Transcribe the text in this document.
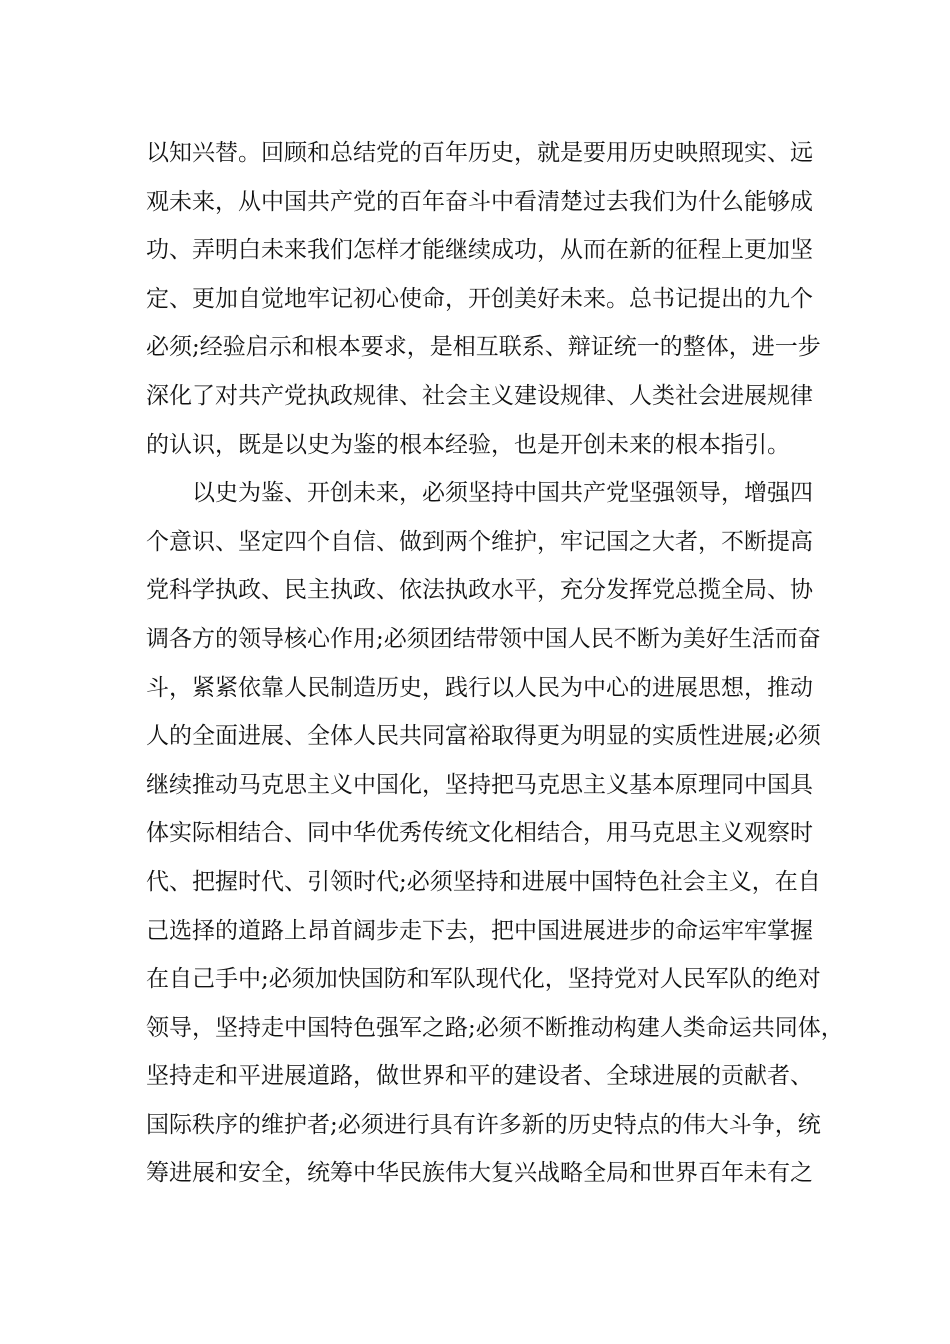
以知兴替。回顾和总结党的百年历史，就是要用历史映照现实、远
观未来，从中国共产党的百年奋斗中看清楚过去我们为什么能够成
功、弄明白未来我们怎样才能继续成功，从而在新的征程上更加坚
定、更加自觉地牢记初心使命，开创美好未来。总书记提出的九个
必须;经验启示和根本要求，是相互联系、辩证统一的整体，进一步
深化了对共产党执政规律、社会主义建设规律、人类社会进展规律
的认识，既是以史为鉴的根本经验，也是开创未来的根本指引。
　　以史为鉴、开创未来，必须坚持中国共产党坚强领导，增强四
个意识、坚定四个自信、做到两个维护，牢记国之大者，不断提高
党科学执政、民主执政、依法执政水平，充分发挥党总揽全局、协
调各方的领导核心作用;必须团结带领中国人民不断为美好生活而奋
斗，紧紧依靠人民制造历史，践行以人民为中心的进展思想，推动
人的全面进展、全体人民共同富裕取得更为明显的实质性进展;必须
继续推动马克思主义中国化，坚持把马克思主义基本原理同中国具
体实际相结合、同中华优秀传统文化相结合，用马克思主义观察时
代、把握时代、引领时代;必须坚持和进展中国特色社会主义，在自
己选择的道路上昂首阔步走下去，把中国进展进步的命运牢牢掌握
在自己手中;必须加快国防和军队现代化，坚持党对人民军队的绝对
领导，坚持走中国特色强军之路;必须不断推动构建人类命运共同体，
坚持走和平进展道路，做世界和平的建设者、全球进展的贡献者、
国际秩序的维护者;必须进行具有许多新的历史特点的伟大斗争，统
筹进展和安全，统筹中华民族伟大复兴战略全局和世界百年未有之
